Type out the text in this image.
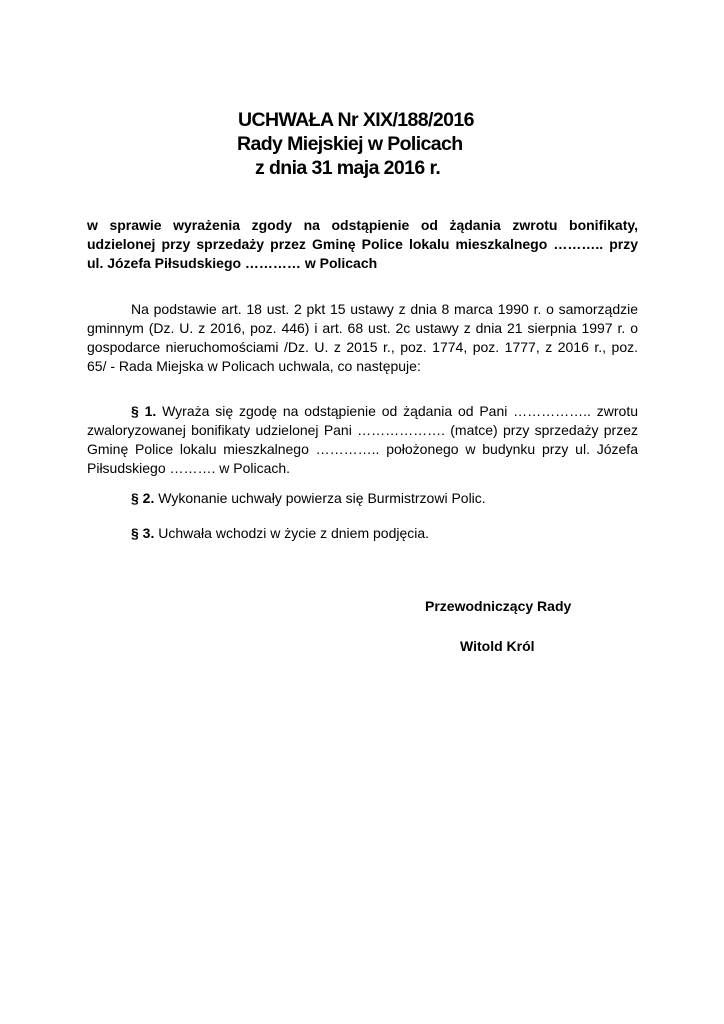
UCHWAŁA Nr XIX/188/2016
Rady Miejskiej w Policach
z dnia 31 maja 2016 r.
w sprawie wyrażenia zgody na odstąpienie od żądania zwrotu bonifikaty, udzielonej przy sprzedaży przez Gminę Police lokalu mieszkalnego ……….. przy ul. Józefa Piłsudskiego ………… w Policach
Na podstawie art. 18 ust. 2 pkt 15 ustawy z dnia 8 marca 1990 r. o samorządzie gminnym (Dz. U. z 2016, poz. 446) i art. 68 ust. 2c ustawy z dnia 21 sierpnia 1997 r. o gospodarce nieruchomościami /Dz. U. z 2015 r., poz. 1774, poz. 1777, z 2016 r., poz. 65/ - Rada Miejska w Policach uchwala, co następuje:
§ 1. Wyraża się zgodę na odstąpienie od żądania od Pani …………….. zwrotu zwaloryzowanej bonifikaty udzielonej Pani ………………. (matce) przy sprzedaży przez Gminę Police lokalu mieszkalnego ………….. położonego w budynku przy ul. Józefa Piłsudskiego ………. w Policach.
§ 2. Wykonanie uchwały powierza się Burmistrzowi Polic.
§ 3. Uchwała wchodzi w życie z dniem podjęcia.
Przewodniczący Rady
Witold Król
